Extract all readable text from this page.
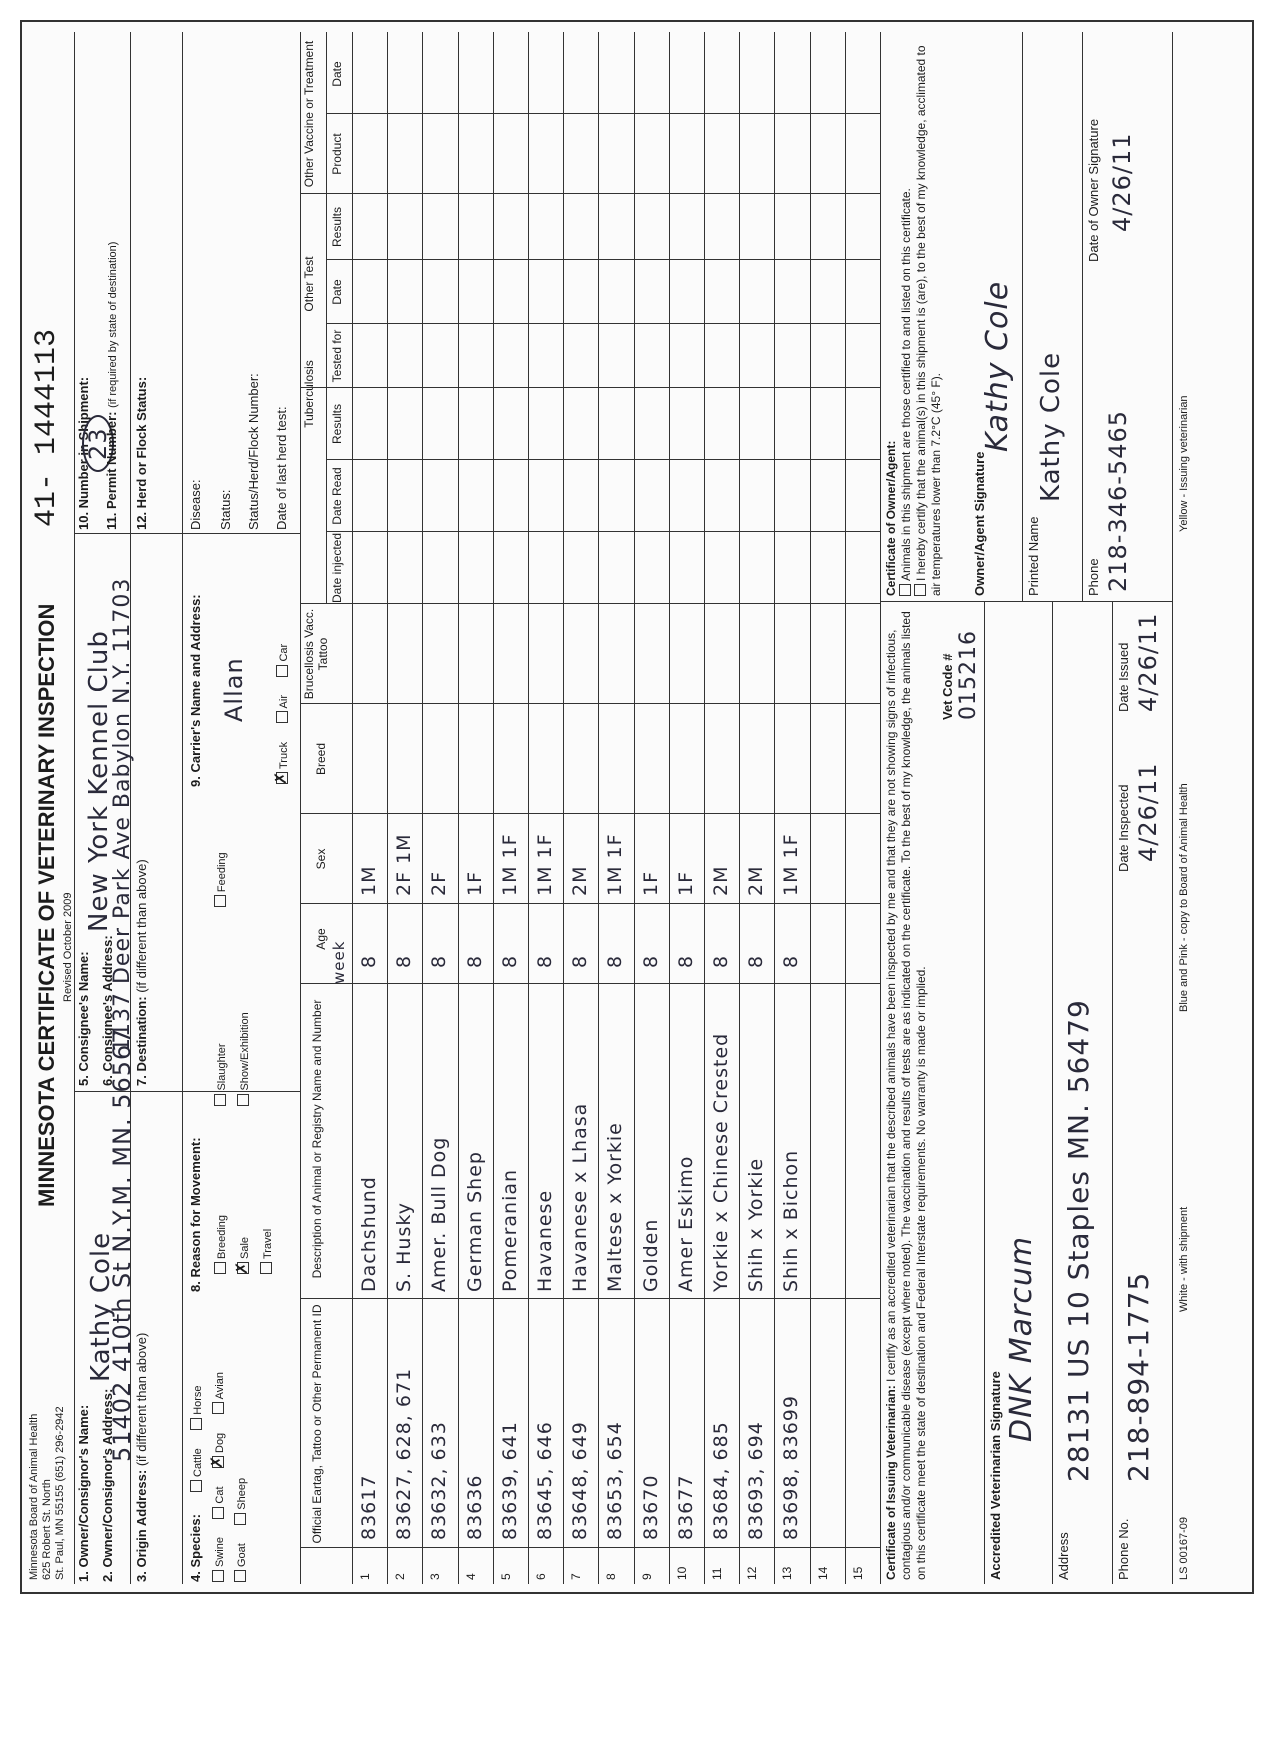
Minnesota Board of Animal Health 625 Robert St. North St. Paul, MN 55155 (651) 296-2942
MINNESOTA CERTIFICATE OF VETERINARY INSPECTION Revised October 2009
41- 1444113
1. Owner/Consignor's Name:
Kathy Cole
2. Owner/Consignor's Address:
51402 410th St N.Y.M. MN. 56567
3. Origin Address: (if different than above)
5. Consignee's Name:
New York Kennel Club
6. Consignee's Address:
1137 Deer Park Ave Babylon N.Y. 11703 7. Destination: (if different than above)
10. Number in Shipment:
23
11. Permit Number: (if required by state of destination)
4. Species:
Cattle Horse
Swine Cat
✗
Dog Avian
Goat Sheep
8. Reason for Movement:	Breeding Slaughter Feeding

✗
Sale Show/Exhibition
Travel
9. Carrier's Name and Address: Allan
✗
Truck Air Car
12. Herd or Flock Status:	Disease: Status: Status/Herd/Flock Number: Date of last herd test:
Official Eartag, Tattoo or Other Permanent ID
Description of Animal or Registry Name and Number
Age
week
Sex
Breed
Brucellosis Vacc. Tattoo
Tuberculosis
Other Test
Other Vaccine or Treatment
Date injected
Date Read
Results
Tested for
Date
Results
Product
Date
1
83617
Dachshund
8
1M
2
83627, 628, 671
S. Husky
8
2F 1M
3
83632, 633
Amer. Bull Dog
8
2F
4
83636
German Shep
8
1F
5
83639, 641
Pomeranian
8
1M 1F
6
83645, 646
Havanese
8
1M 1F
7
83648, 649
Havanese x Lhasa
8
2M
8
83653, 654
Maltese x Yorkie
8
1M 1F
9
83670
Golden
8
1F
10
83677
Amer Eskimo
8
1F
11
83684, 685
Yorkie x Chinese Crested
8
2M
12
83693, 694
Shih x Yorkie
8
2M
13
83698, 83699
Shih x Bichon
8
1M 1F
14 15 Certificate of Issuing Veterinarian: I certify as an accredited veterinarian that the described animals have been inspected by me and that they are not showing signs of infectious, contagious and/or communicable disease (except where noted). The vaccination and results of tests are as indicated on the certificate. To the best of my knowledge, the animals listed on this certificate meet the state of destination and Federal Interstate requirements. No warranty is made or implied.
Certificate of Owner/Agent: Animals in this shipment are those certified to and listed on this certificate. I hereby certify that the animal(s) in this shipment is (are), to the best of my knowledge, acclimated to air temperatures lower than 7.2°C (45° F).
Vet Code # 015216
Accredited Veterinarian Signature
DNK Marcum
Address
28131 US 10 Staples MN. 56479
Phone No.
218-894-1775
Date Inspected 4/26/11
Date Issued 4/26/11
Owner/Agent Signature
Kathy Cole
Printed Name
Kathy Cole
Phone 218-346-5465
Date of Owner Signature 4/26/11
LS 00167-09
White - with shipment
Blue and Pink - copy to Board of Animal Health
Yellow - Issuing veterinarian
